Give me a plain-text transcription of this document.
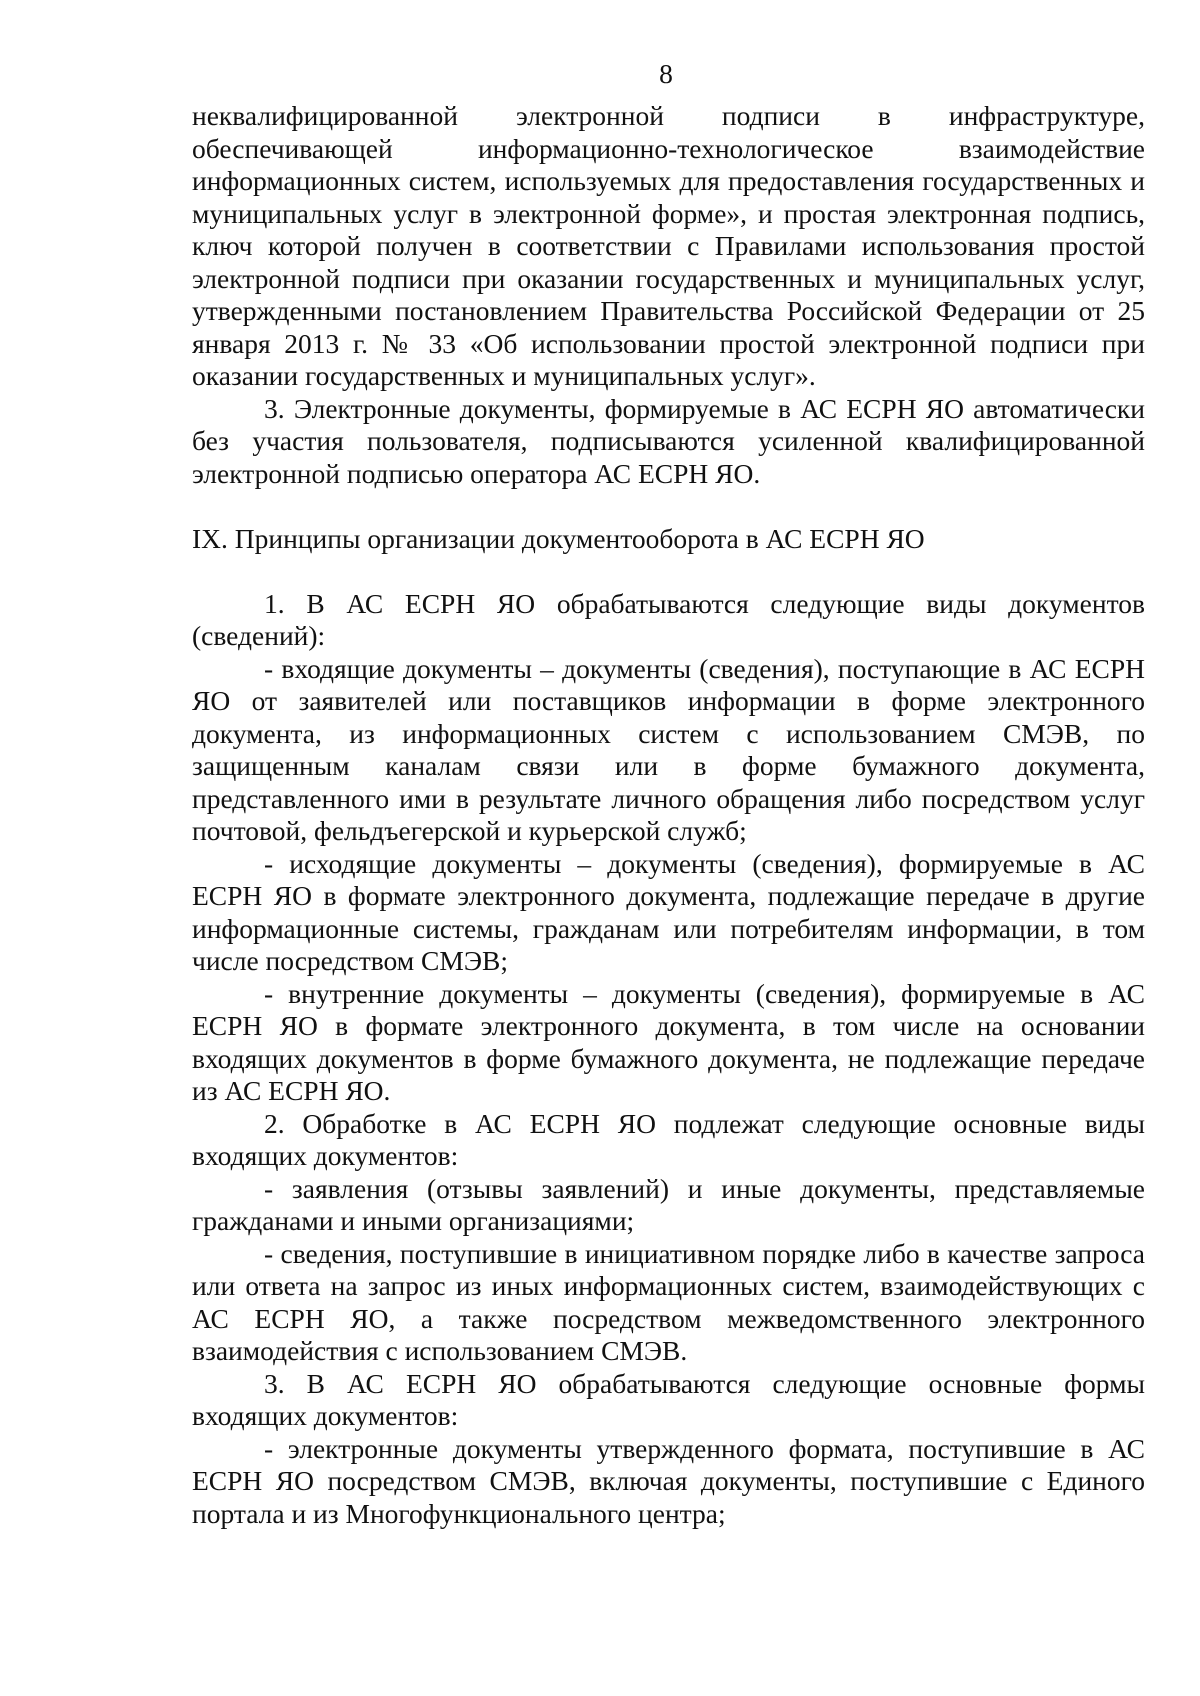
8

неквалифицированной электронной подписи в инфраструктуре, обеспечивающей информационно-технологическое взаимодействие информационных систем, используемых для предоставления государственных и муниципальных услуг в электронной форме», и простая электронная подпись, ключ которой получен в соответствии с Правилами использования простой электронной подписи при оказании государственных и муниципальных услуг, утвержденными постановлением Правительства Российской Федерации от 25 января 2013 г. № 33 «Об использовании простой электронной подписи при оказании государственных и муниципальных услуг».

3. Электронные документы, формируемые в АС ЕСРН ЯО автоматически без участия пользователя, подписываются усиленной квалифицированной электронной подписью оператора АС ЕСРН ЯО.

IX. Принципы организации документооборота в АС ЕСРН ЯО

1. В АС ЕСРН ЯО обрабатываются следующие виды документов (сведений):

- входящие документы – документы (сведения), поступающие в АС ЕСРН ЯО от заявителей или поставщиков информации в форме электронного документа, из информационных систем с использованием СМЭВ, по защищенным каналам связи или в форме бумажного документа, представленного ими в результате личного обращения либо посредством услуг почтовой, фельдъегерской и курьерской служб;

- исходящие документы – документы (сведения), формируемые в АС ЕСРН ЯО в формате электронного документа, подлежащие передаче в другие информационные системы, гражданам или потребителям информации, в том числе посредством СМЭВ;

- внутренние документы – документы (сведения), формируемые в АС ЕСРН ЯО в формате электронного документа, в том числе на основании входящих документов в форме бумажного документа, не подлежащие передаче из АС ЕСРН ЯО.

2. Обработке в АС ЕСРН ЯО подлежат следующие основные виды входящих документов:

- заявления (отзывы заявлений) и иные документы, представляемые гражданами и иными организациями;

- сведения, поступившие в инициативном порядке либо в качестве запроса или ответа на запрос из иных информационных систем, взаимодействующих с АС ЕСРН ЯО, а также посредством межведомственного электронного взаимодействия с использованием СМЭВ.

3. В АС ЕСРН ЯО обрабатываются следующие основные формы входящих документов:

- электронные документы утвержденного формата, поступившие в АС ЕСРН ЯО посредством СМЭВ, включая документы, поступившие с Единого портала и из Многофункционального центра;
